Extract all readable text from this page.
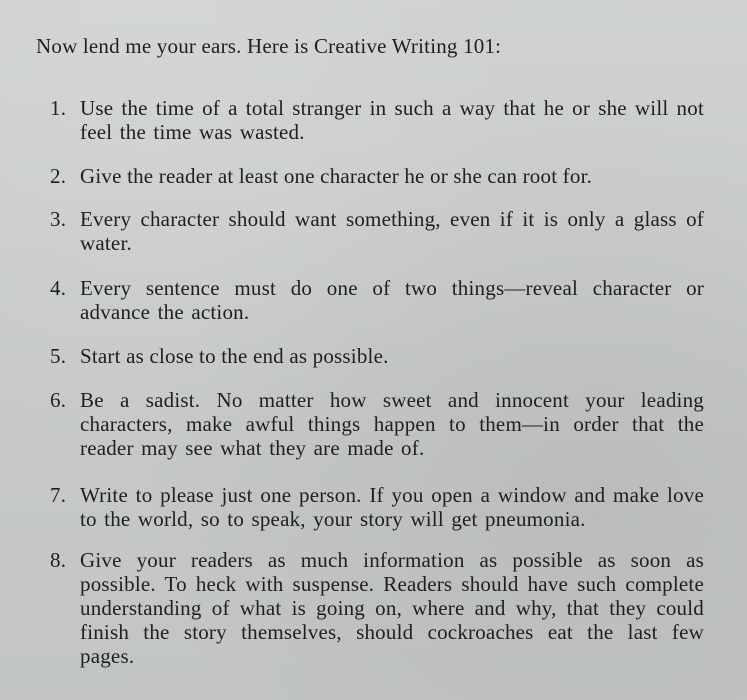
Now lend me your ears. Here is Creative Writing 101:
1. Use the time of a total stranger in such a way that he or she will not feel the time was wasted.
2. Give the reader at least one character he or she can root for.
3. Every character should want something, even if it is only a glass of water.
4. Every sentence must do one of two things—reveal character or advance the action.
5. Start as close to the end as possible.
6. Be a sadist. No matter how sweet and innocent your leading characters, make awful things happen to them—in order that the reader may see what they are made of.
7. Write to please just one person. If you open a window and make love to the world, so to speak, your story will get pneumonia.
8. Give your readers as much information as possible as soon as possible. To heck with suspense. Readers should have such complete understanding of what is going on, where and why, that they could finish the story themselves, should cockroaches eat the last few pages.
